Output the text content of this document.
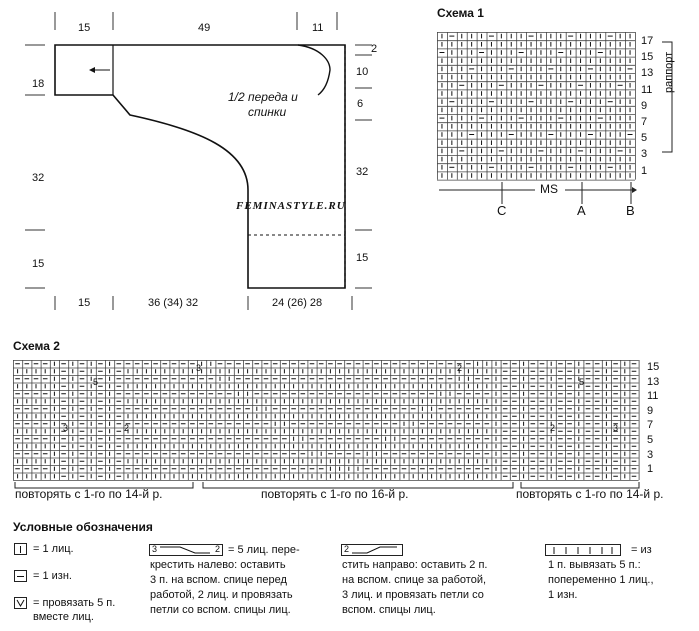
15	49	11
2
10
6
18
32
15
32
15
15	36 (34) 32	24 (26) 28
1/2 переда и
спинки
FEMINASTYLE.RU
Схема 1
17
15
13
11
9
7
5
3
1
раппорт
MS
C	A	B
Схема 2
15
13
11
9
7
5
3
1
5
3	2
3	2
2	3
5
повторять с 1-го по 14-й р.	повторять с 1-го по 16-й р.	повторять с 1-го по 14-й р.
Условные обозначения
= 1 лиц.
= 1 изн.
= провязать 5 п.
вместе лиц.
3	2 = 5 лиц. пере-
крестить налево: оставить
3 п. на вспом. спице перед
работой, 2 лиц. и провязать
петли со вспом. спицы лиц.
2
стить направо: оставить 2 п.
на вспом. спице за работой,
3 лиц. и провязать петли со
вспом. спицы лиц.
= из
1 п. вывязать 5 п.:
попеременно 1 лиц.,
1 изн.
